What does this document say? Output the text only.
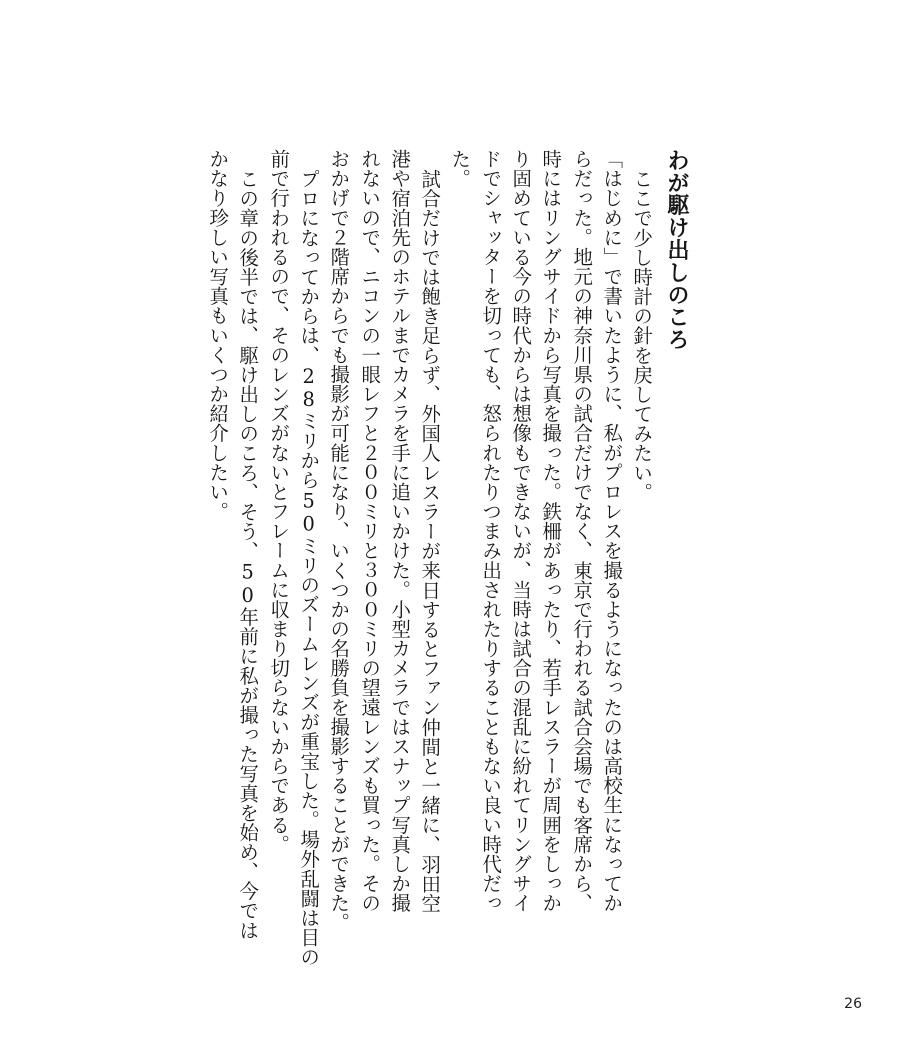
わが駆け出しのころ

ここで少し時計の針を戻してみたい。

「はじめに」で書いたように、私がプロレスを撮るようになったのは高校生になってか

らだった。地元の神奈川県の試合だけでなく、東京で行われる試合会場でも客席から、

時にはリングサイドから写真を撮った。鉄柵があったり、若手レスラーが周囲をしっか

り固めている今の時代からは想像もできないが、当時は試合の混乱に紛れてリングサイ

ドでシャッターを切っても、怒られたりつまみ出されたりすることもない良い時代だっ

た。

試合だけでは飽き足らず、外国人レスラーが来日するとファン仲間と一緒に、羽田空

港や宿泊先のホテルまでカメラを手に追いかけた。小型カメラではスナップ写真しか撮

れないので、ニコンの一眼レフと２００ミリと３００ミリの望遠レンズも買った。その

おかげで２階席からでも撮影が可能になり、いくつかの名勝負を撮影することができた。

プロになってからは、28ミリから50ミリのズームレンズが重宝した。場外乱闘は目の

前で行われるので、そのレンズがないとフレームに収まり切らないからである。

この章の後半では、駆け出しのころ、そう、50年前に私が撮った写真を始め、今では

かなり珍しい写真もいくつか紹介したい。

26
